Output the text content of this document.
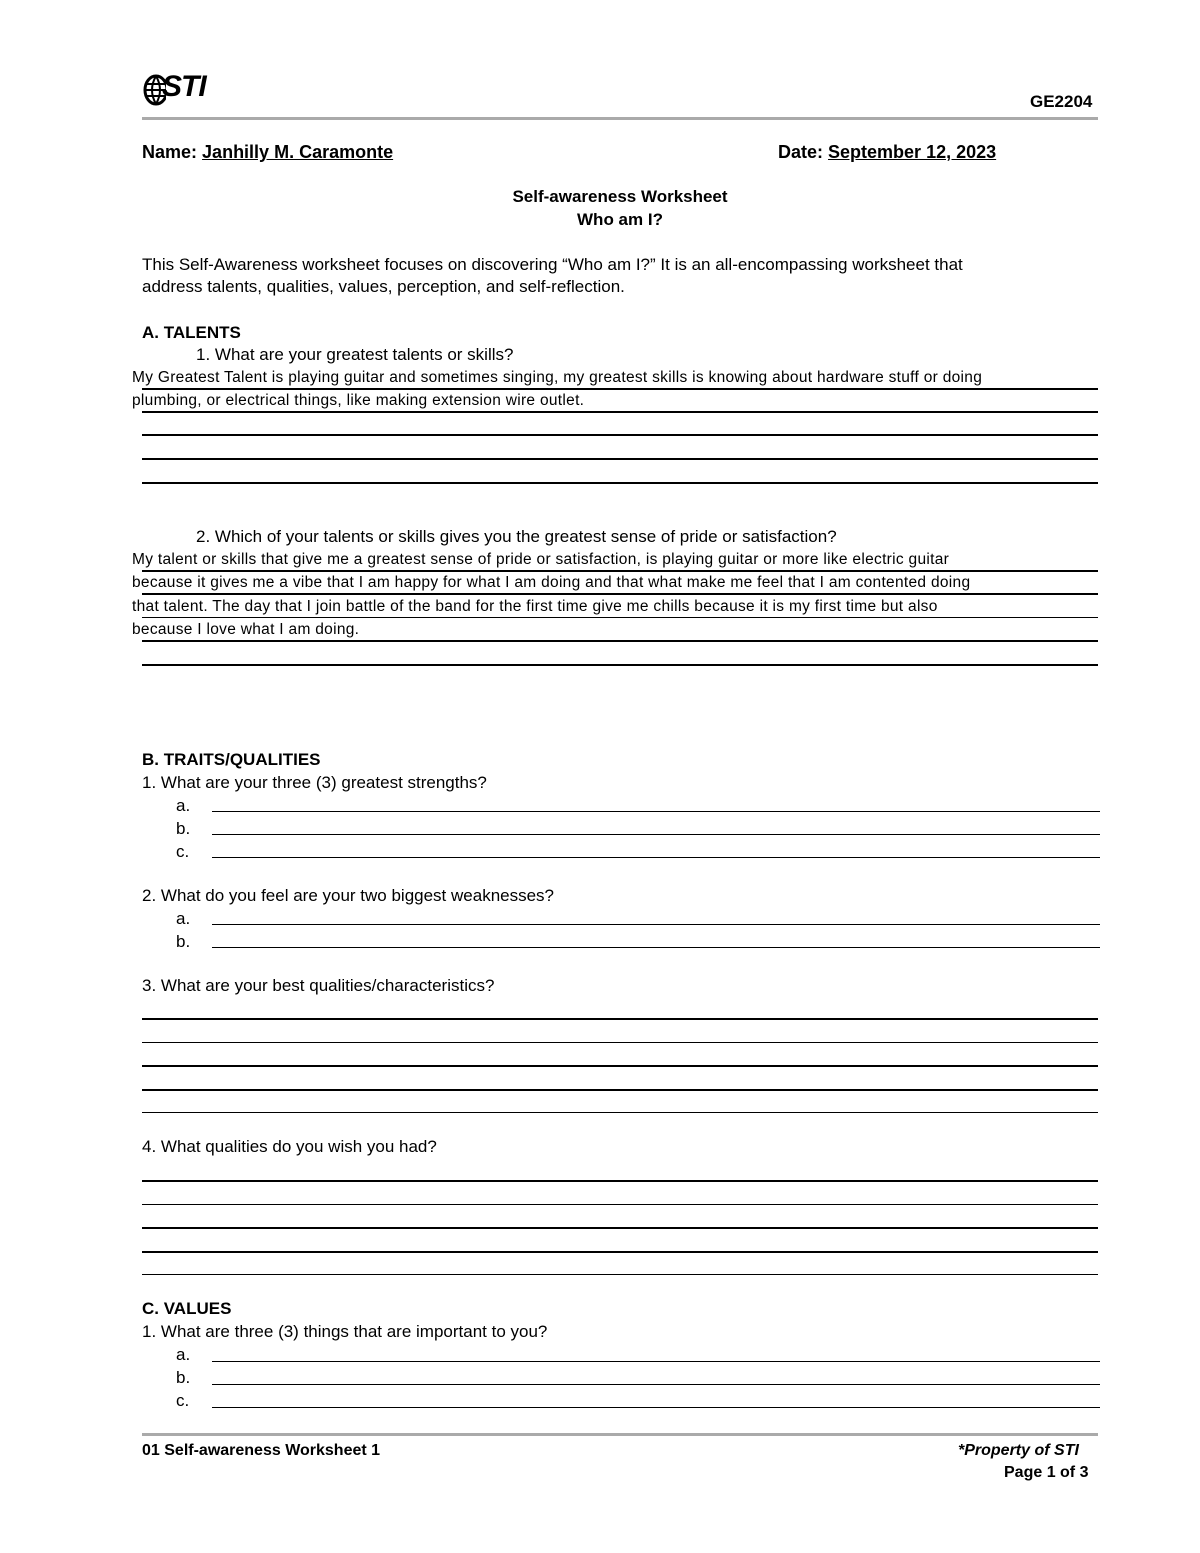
STI	GE2204
Name: Janhilly M. Caramonte	Date: September 12, 2023
Self-awareness Worksheet
Who am I?
This Self-Awareness worksheet focuses on discovering “Who am I?” It is an all-encompassing worksheet that
address talents, qualities, values, perception, and self-reflection.
A. TALENTS
1. What are your greatest talents or skills?
My Greatest Talent is playing guitar and sometimes singing, my greatest skills is knowing about hardware stuff or doing
plumbing, or electrical things, like making extension wire outlet.
2. Which of your talents or skills gives you the greatest sense of pride or satisfaction?
My talent or skills that give me a greatest sense of pride or satisfaction, is playing guitar or more like electric guitar
because it gives me a vibe that I am happy for what I am doing and that what make me feel that I am contented doing
that talent. The day that I join battle of the band for the first time give me chills because it is my first time but also
because I love what I am doing.
B. TRAITS/QUALITIES
1. What are your three (3) greatest strengths?
a.
b.
c.
2. What do you feel are your two biggest weaknesses?
a.
b.
3. What are your best qualities/characteristics?
4. What qualities do you wish you had?
C. VALUES
1. What are three (3) things that are important to you?
a.
b.
c.
01 Self-awareness Worksheet 1	*Property of STI
Page 1 of 3
